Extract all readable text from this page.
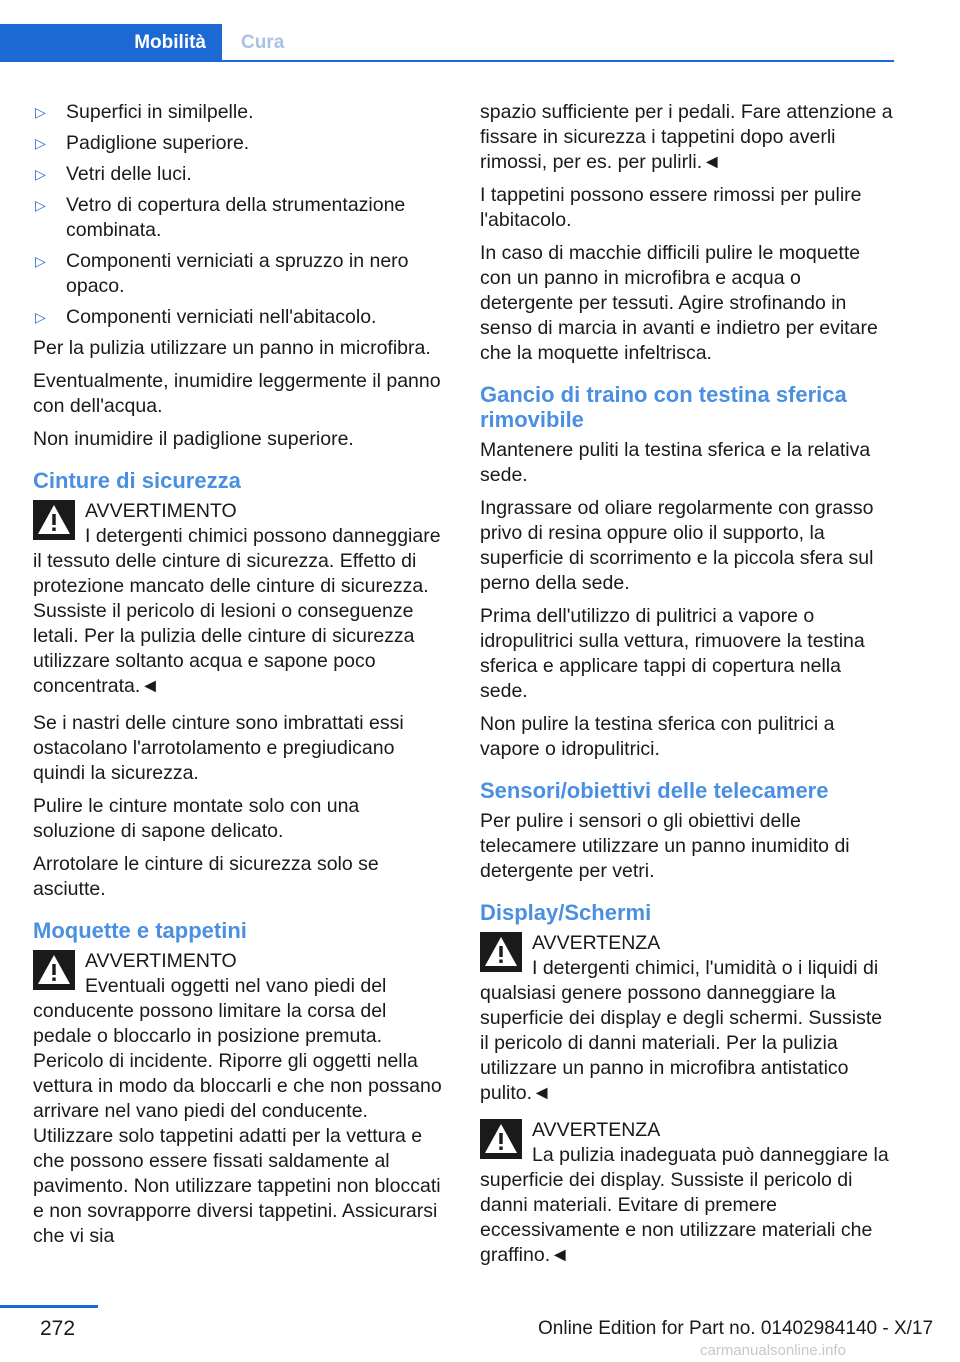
Mobilità	Cura
▷ Superfici in similpelle.
▷ Padiglione superiore.
▷ Vetri delle luci.
▷ Vetro di copertura della strumentazione combinata.
▷ Componenti verniciati a spruzzo in nero opaco.
▷ Componenti verniciati nell'abitacolo.

Per la pulizia utilizzare un panno in microfibra.

Eventualmente, inumidire leggermente il panno con dell'acqua.

Non inumidire il padiglione superiore.

Cinture di sicurezza
AVVERTIMENTO
I detergenti chimici possono danneggiare il tessuto delle cinture di sicurezza. Effetto di protezione mancato delle cinture di sicurezza. Sussiste il pericolo di lesioni o conseguenze letali. Per la pulizia delle cinture di sicurezza utilizzare soltanto acqua e sapone poco concentrata.◄

Se i nastri delle cinture sono imbrattati essi ostacolano l'arrotolamento e pregiudicano quindi la sicurezza.

Pulire le cinture montate solo con una soluzione di sapone delicato.

Arrotolare le cinture di sicurezza solo se asciutte.

Moquette e tappetini
AVVERTIMENTO
Eventuali oggetti nel vano piedi del conducente possono limitare la corsa del pedale o bloccarlo in posizione premuta. Pericolo di incidente. Riporre gli oggetti nella vettura in modo da bloccarli e che non possano arrivare nel vano piedi del conducente. Utilizzare solo tappetini adatti per la vettura e che possono essere fissati saldamente al pavimento. Non utilizzare tappetini non bloccati e non sovrapporre diversi tappetini. Assicurarsi che vi sia

spazio sufficiente per i pedali. Fare attenzione a fissare in sicurezza i tappetini dopo averli rimossi, per es. per pulirli.◄

I tappetini possono essere rimossi per pulire l'abitacolo.

In caso di macchie difficili pulire le moquette con un panno in microfibra e acqua o detergente per tessuti. Agire strofinando in senso di marcia in avanti e indietro per evitare che la moquette infeltrisca.

Gancio di traino con testina sferica rimovibile

Mantenere puliti la testina sferica e la relativa sede.

Ingrassare od oliare regolarmente con grasso privo di resina oppure olio il supporto, la superficie di scorrimento e la piccola sfera sul perno della sede.

Prima dell'utilizzo di pulitrici a vapore o idropulitrici sulla vettura, rimuovere la testina sferica e applicare tappi di copertura nella sede.

Non pulire la testina sferica con pulitrici a vapore o idropulitrici.

Sensori/obiettivi delle telecamere

Per pulire i sensori o gli obiettivi delle telecamere utilizzare un panno inumidito di detergente per vetri.

Display/Schermi
AVVERTENZA
I detergenti chimici, l'umidità o i liquidi di qualsiasi genere possono danneggiare la superficie dei display e degli schermi. Sussiste il pericolo di danni materiali. Per la pulizia utilizzare un panno in microfibra antistatico pulito.◄
AVVERTENZA
La pulizia inadeguata può danneggiare la superficie dei display. Sussiste il pericolo di danni materiali. Evitare di premere eccessivamente e non utilizzare materiali che graffino.◄
272	Online Edition for Part no. 01402984140 - X/17
carmanualsonline.info
